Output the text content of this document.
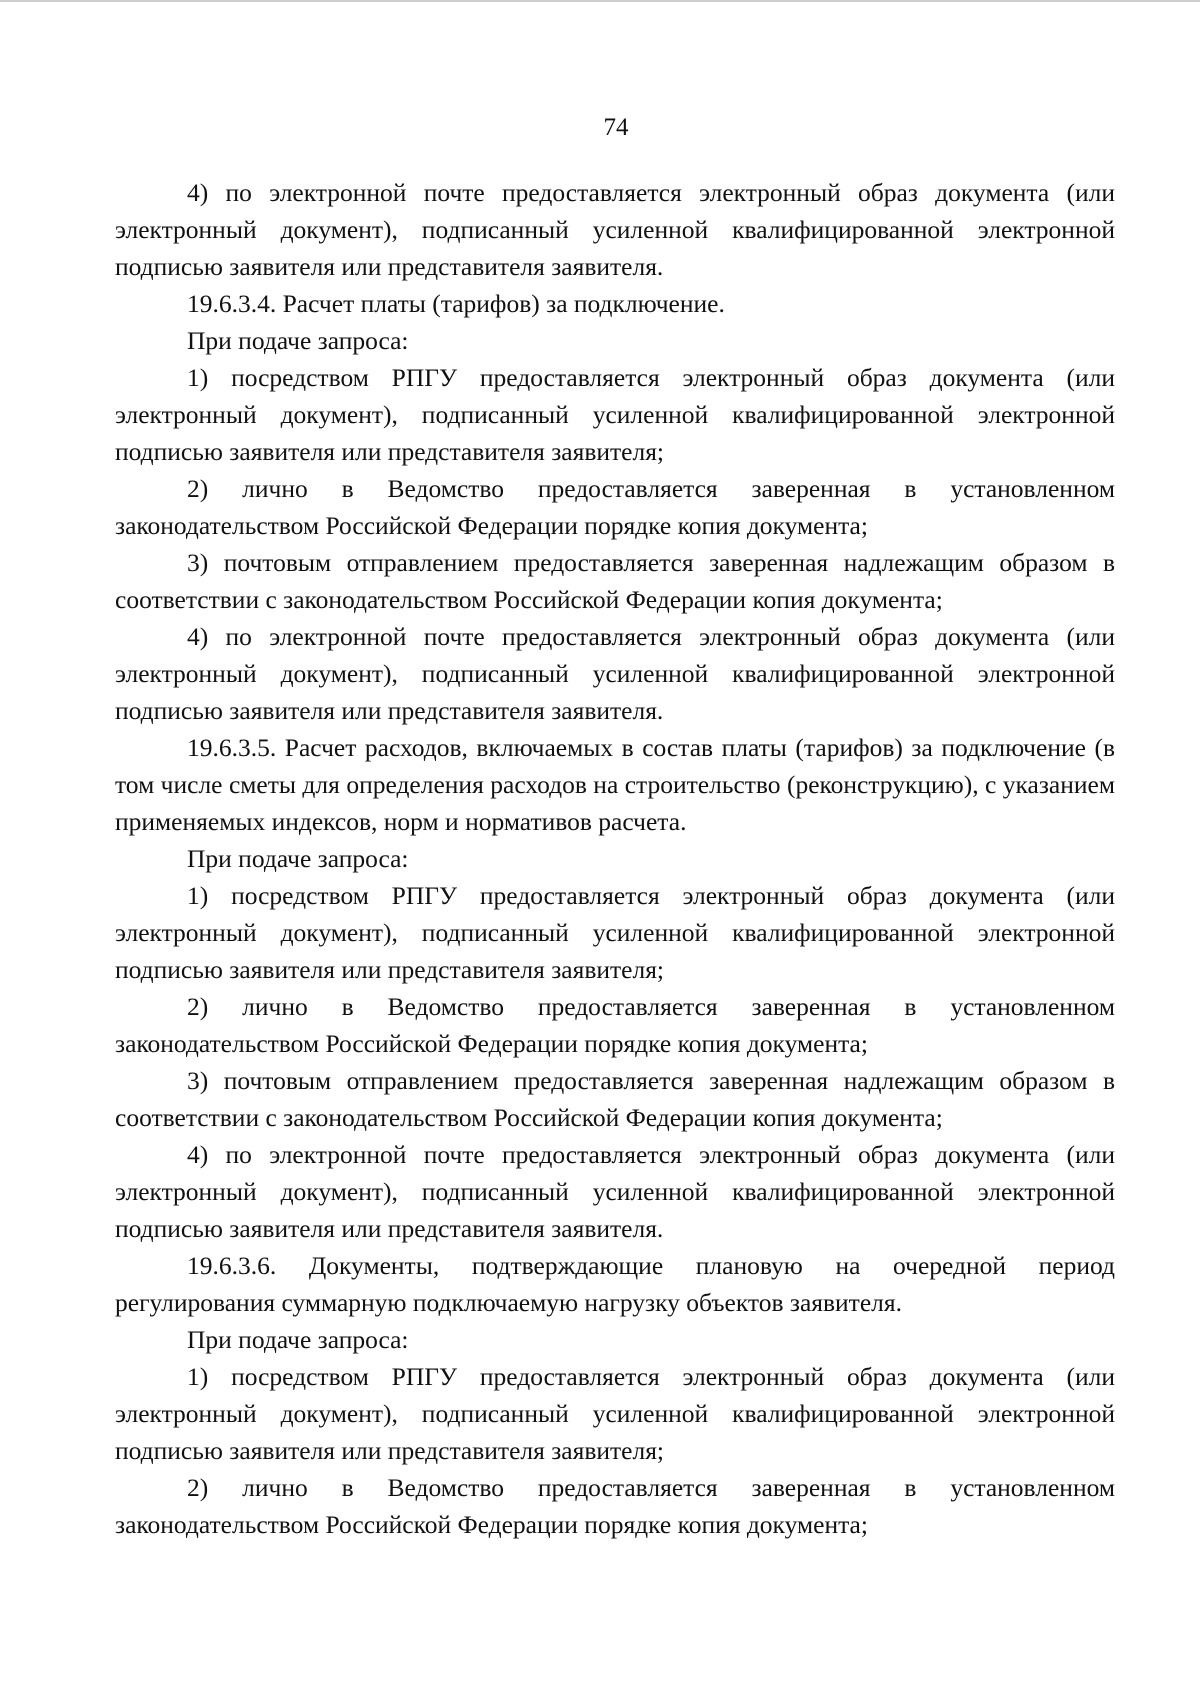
74

4) по электронной почте предоставляется электронный образ документа (или электронный документ), подписанный усиленной квалифицированной электронной подписью заявителя или представителя заявителя.

19.6.3.4. Расчет платы (тарифов) за подключение.

При подаче запроса:

1) посредством РПГУ предоставляется электронный образ документа (или электронный документ), подписанный усиленной квалифицированной электронной подписью заявителя или представителя заявителя;

2) лично в Ведомство предоставляется заверенная в установленном законодательством Российской Федерации порядке копия документа;

3) почтовым отправлением предоставляется заверенная надлежащим образом в соответствии с законодательством Российской Федерации копия документа;

4) по электронной почте предоставляется электронный образ документа (или электронный документ), подписанный усиленной квалифицированной электронной подписью заявителя или представителя заявителя.

19.6.3.5. Расчет расходов, включаемых в состав платы (тарифов) за подключение (в том числе сметы для определения расходов на строительство (реконструкцию), с указанием применяемых индексов, норм и нормативов расчета.

При подаче запроса:

1) посредством РПГУ предоставляется электронный образ документа (или электронный документ), подписанный усиленной квалифицированной электронной подписью заявителя или представителя заявителя;

2) лично в Ведомство предоставляется заверенная в установленном законодательством Российской Федерации порядке копия документа;

3) почтовым отправлением предоставляется заверенная надлежащим образом в соответствии с законодательством Российской Федерации копия документа;

4) по электронной почте предоставляется электронный образ документа (или электронный документ), подписанный усиленной квалифицированной электронной подписью заявителя или представителя заявителя.

19.6.3.6. Документы, подтверждающие плановую на очередной период регулирования суммарную подключаемую нагрузку объектов заявителя.

При подаче запроса:

1) посредством РПГУ предоставляется электронный образ документа (или электронный документ), подписанный усиленной квалифицированной электронной подписью заявителя или представителя заявителя;

2) лично в Ведомство предоставляется заверенная в установленном законодательством Российской Федерации порядке копия документа;
